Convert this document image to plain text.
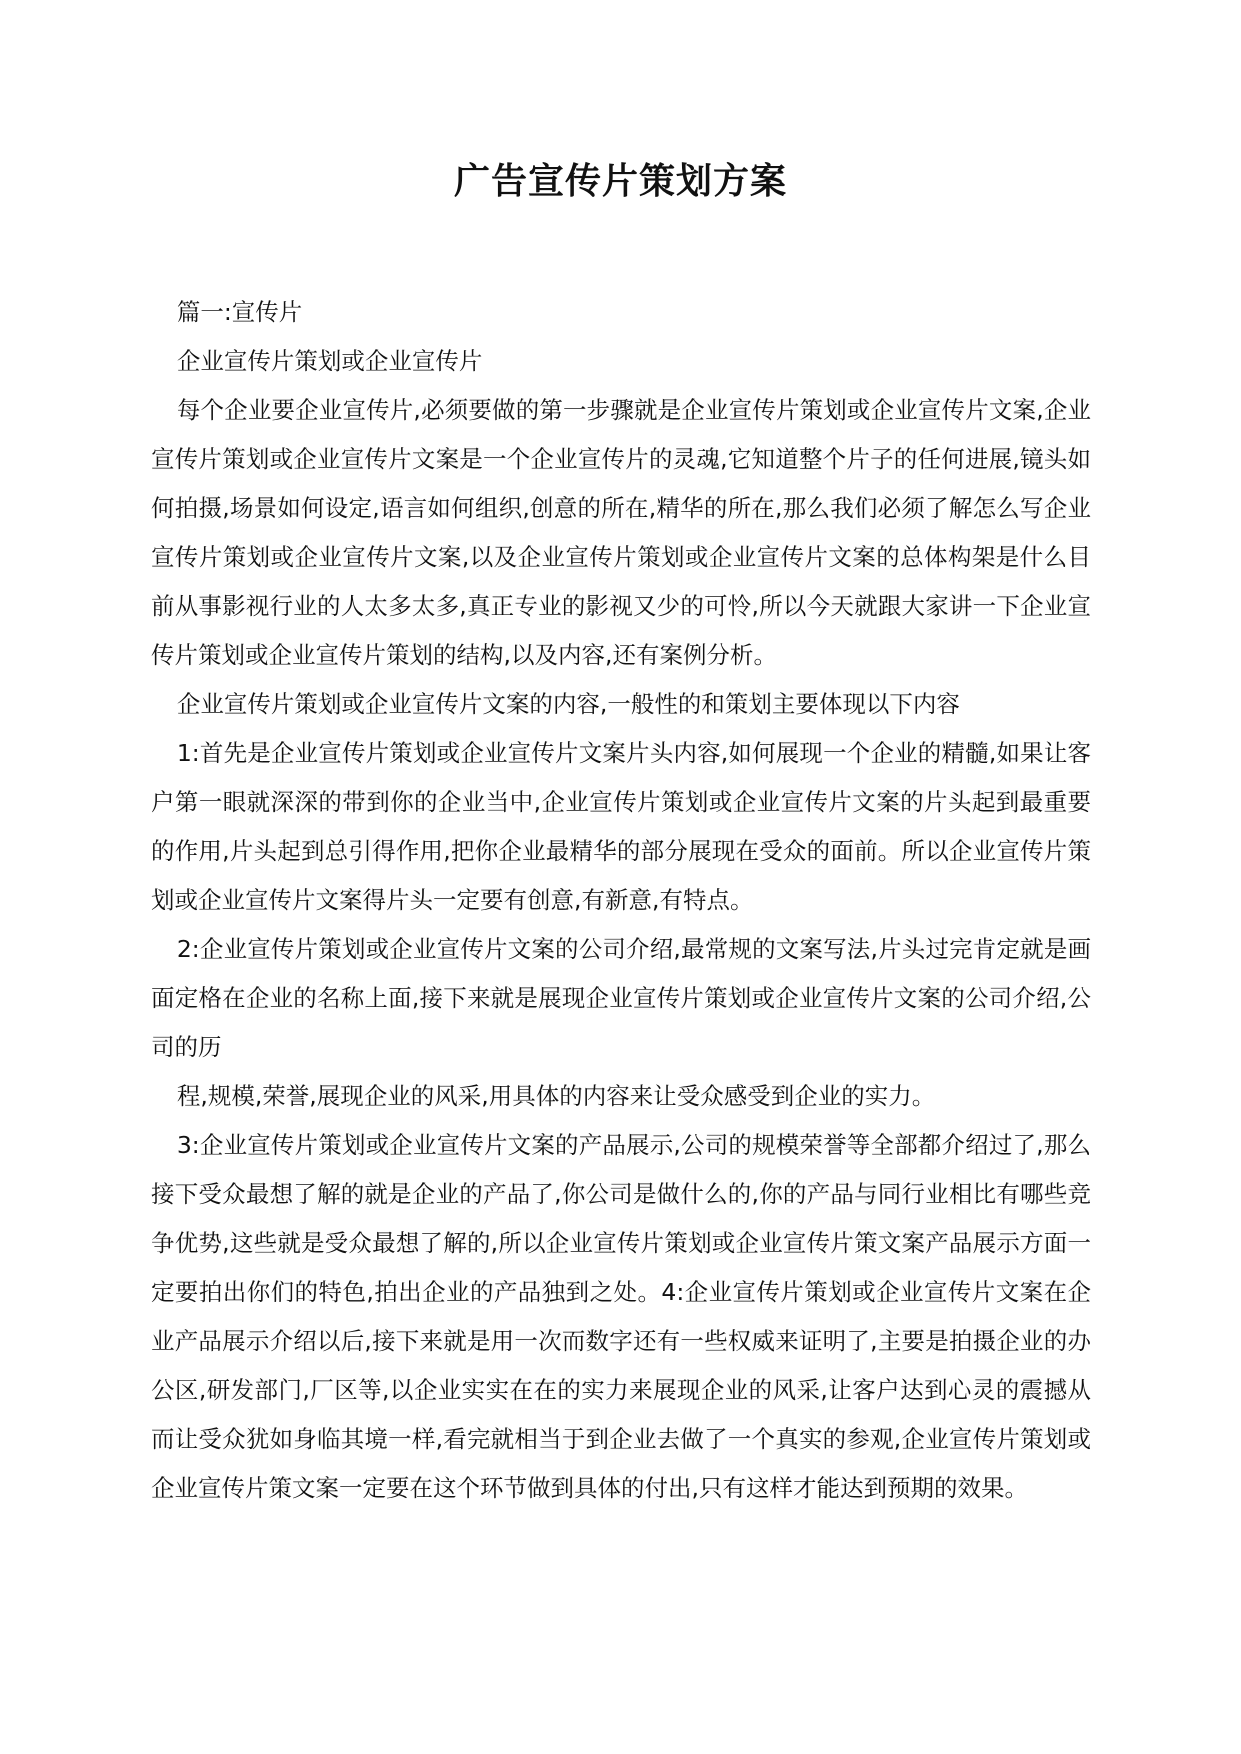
广告宣传片策划方案

篇一:宣传片

企业宣传片策划或企业宣传片

每个企业要企业宣传片,必须要做的第一步骤就是企业宣传片策划或企业宣传片文案,企业宣传片策划或企业宣传片文案是一个企业宣传片的灵魂,它知道整个片子的任何进展,镜头如何拍摄,场景如何设定,语言如何组织,创意的所在,精华的所在,那么我们必须了解怎么写企业宣传片策划或企业宣传片文案,以及企业宣传片策划或企业宣传片文案的总体构架是什么目前从事影视行业的人太多太多,真正专业的影视又少的可怜,所以今天就跟大家讲一下企业宣传片策划或企业宣传片策划的结构,以及内容,还有案例分析。

企业宣传片策划或企业宣传片文案的内容,一般性的和策划主要体现以下内容

1:首先是企业宣传片策划或企业宣传片文案片头内容,如何展现一个企业的精髓,如果让客户第一眼就深深的带到你的企业当中,企业宣传片策划或企业宣传片文案的片头起到最重要的作用,片头起到总引得作用,把你企业最精华的部分展现在受众的面前。所以企业宣传片策划或企业宣传片文案得片头一定要有创意,有新意,有特点。

2:企业宣传片策划或企业宣传片文案的公司介绍,最常规的文案写法,片头过完肯定就是画面定格在企业的名称上面,接下来就是展现企业宣传片策划或企业宣传片文案的公司介绍,公司的历

程,规模,荣誉,展现企业的风采,用具体的内容来让受众感受到企业的实力。

3:企业宣传片策划或企业宣传片文案的产品展示,公司的规模荣誉等全部都介绍过了,那么接下受众最想了解的就是企业的产品了,你公司是做什么的,你的产品与同行业相比有哪些竞争优势,这些就是受众最想了解的,所以企业宣传片策划或企业宣传片策文案产品展示方面一定要拍出你们的特色,拍出企业的产品独到之处。4:企业宣传片策划或企业宣传片文案在企业产品展示介绍以后,接下来就是用一次而数字还有一些权威来证明了,主要是拍摄企业的办公区,研发部门,厂区等,以企业实实在在的实力来展现企业的风采,让客户达到心灵的震撼从而让受众犹如身临其境一样,看完就相当于到企业去做了一个真实的参观,企业宣传片策划或企业宣传片策文案一定要在这个环节做到具体的付出,只有这样才能达到预期的效果。
